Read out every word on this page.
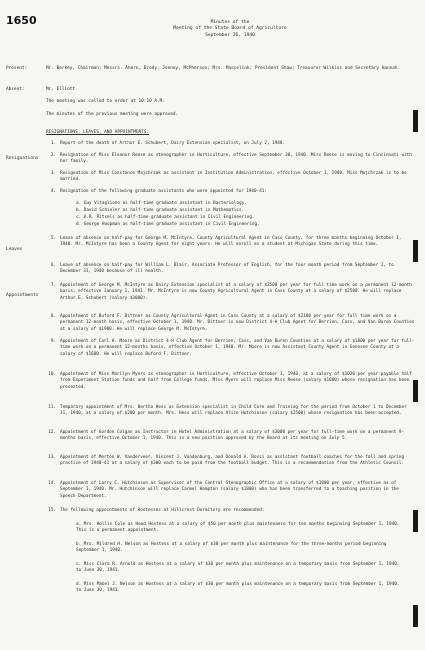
1650	Minutes of the
Meeting of the State Board of Agriculture
September 26, 1940
Present:	Mr. Berkey, Chairman; Messrs. Ahern, Brody, Jenney, McPherson; Mrs. Masselink; President Shaw; Treasurer Wilkins and Secretary Hannah.
Absent:	Mr. Elliott
The meeting was called to order at 10:10 A.M.
The minutes of the previous meeting were approved.
RESIGNATIONS, LEAVES, AND APPOINTMENTS:
Resignations
Leaves
Appointments
1. Report of the death of Arthur E. Schubert, Dairy Extension specialist, on July 2, 1940.
2. Resignation of Miss Eleanor Reese as stenographer in Horticulture, effective September 30, 1940. Miss Reese is moving to Cincinnati with her family.
3. Resignation of Miss Constance Majchrzak as assistant in Institution Administration, effective October 1, 1940. Miss Majchrzak is to be married.
4. Resignation of the following graduate assistants who were appointed for 1940-41:
a. Guy Vitaglione as half-time graduate assistant in Bacteriology.
b. David Schieler as half-time graduate assistant in Mathematics.
c. A.R. Ritsels as half-time graduate assistant in Civil Engineering.
d. George Hoopman as half-time graduate assistant in Civil Engineering.
5. Leave of absence on half-pay for George M. McIntyre, County Agricultural Agent in Cass County, for three months beginning October 1, 1940. Mr. McIntyre has been a County Agent for eight years. He will enroll as a student at Michigan State during this time.
6. Leave of absence on half-pay for William L. Blair, Associate Professor of English, for the four month period from September 1, to December 31, 1940 because of ill health.
7. Appointment of George M. McIntyre as Dairy Extension specialist at a salary of $2500 per year for full time work on a permanent 12-month basis, effective January 1, 1941. Mr. McIntyre is now County Agricultural Agent in Cass County at a salary of $2500. He will replace Arthur E. Schubert (salary $3000).
8. Appointment of Buford F. Bittner as County Agricultural Agent in Cass County at a salary of $2100 per year for full time work on a permanent 12-month basis, effective October 1, 1940. Mr. Bittner is now District 4-H Club Agent for Berrien, Cass, and Van Buren Counties at a salary of $1900. He will replace George M. McIntyre.
9. Appointment of Carl H. Moore as District 4-H Club Agent for Berrien, Cass, and Van Buren Counties at a salary of $1800 per year for full-time work on a permanent 12-months basis, effective October 1, 1940. Mr. Moore is now Assistant County Agent in Genesee County at a salary of $1600. He will replace Buford F. Bittner.
10. Appointment of Miss Marilyn Myers as stenographer in Horticulture, effective October 1, 1940, at a salary of $1020 per year payable half from Experiment Station funds and half from College funds. Miss Myers will replace Miss Reese (salary $1080) whose resignation has been presented.
11. Temporary appointment of Mrs. Bertha Hess as Extension specialist in Child Care and Training for the period from October 1 to December 31, 1940, at a salary of $200 per month. Mrs. Hess will replace Alice Hutchinson (salary $2500) whose resignation has been accepted.
12. Appointment of Gordon Colgan as Instructor in Hotel Administration at a salary of $3000 per year for full-time work on a permanent 9-months basis, effective October 1, 1940. This is a new position approved by the Board at its meeting on July 5.
13. Appointment of Merton W. Vanderveer, Vincent J. Vandenburg, and Donald A. Rossi as assistant football coaches for the fall and spring practice of 1940-41 at a salary of $300 each to be paid from the football budget. This is a recommendation from the Athletic Council.
14. Appointment of Larry C. Hutchinson as Supervisor of the Central Stenographic Office at a salary of $1800 per year, effective as of September 1, 1940. Mr. Hutchinson will replace Carmel Hampton (salary $1800) who has been transferred to a teaching position in the Speech Department.
15. The following appointments of Hostesses at Hillcrest Dormitory are recommended:
a. Mrs. Hollis Cole as Head Hostess at a salary of $50 per month plus maintenance for ten months beginning September 1, 1940. This is a permanent appointment.
b. Mrs. Mildred H. Nelson as Hostess at a salary of $30 per month plus maintenance for the three-months period beginning September 1, 1940.
c. Miss Clara R. Arnold as Hostess at a salary of $30 per month plus maintenance on a temporary basis from September 1, 1940, to June 30, 1941.
d. Miss Mabel J. Nelson as Hostess at a salary of $30 per month plus maintenance on a temporary basis from September 1, 1940, to June 30, 1941.
